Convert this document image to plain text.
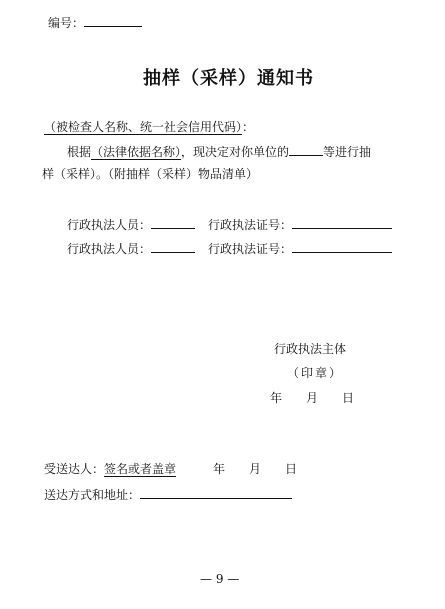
编号：
抽样（采样）通知书
（被检查人名称、统一社会信用代码）：
根据（法律依据名称），现决定对你单位的	等进行抽
样（采样）。（附抽样（采样）物品清单）
行政执法人员：	行政执法证号：
行政执法人员：	行政执法证号：
行政执法主体
（印章）
年　　月　　日
受送达人：签名或者盖章	年　　月　　日
送达方式和地址：
— 9 —
